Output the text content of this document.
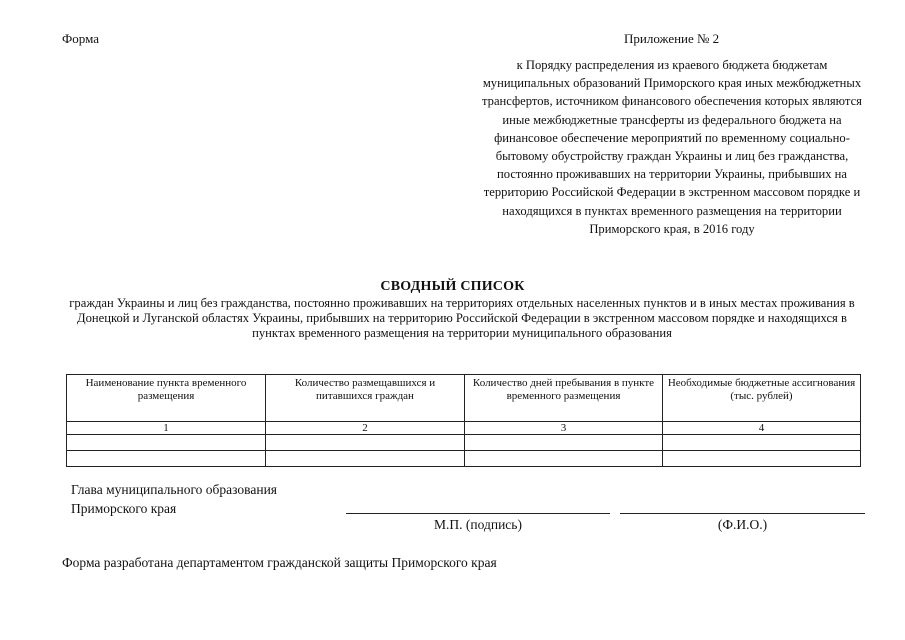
Форма	Приложение № 2
к Порядку распределения из краевого бюджета бюджетам муниципальных образований Приморского края иных межбюджетных трансфертов, источником финансового обеспечения которых являются иные межбюджетные трансферты из федерального бюджета на финансовое обеспечение мероприятий по временному социально-бытовому обустройству граждан Украины и лиц без гражданства, постоянно проживавших на территории Украины, прибывших на территорию Российской Федерации в экстренном массовом порядке и находящихся в пунктах временного размещения на территории Приморского края, в 2016 году
СВОДНЫЙ СПИСОК
граждан Украины и лиц без гражданства, постоянно проживавших на территориях отдельных населенных пунктов и в иных местах проживания в Донецкой и Луганской областях Украины, прибывших на территорию Российской Федерации в экстренном массовом порядке и находящихся в пунктах временного размещения на территории муниципального образования
Наименование пункта временного размещения	Количество размещавшихся и питавшихся граждан	Количество дней пребывания в пункте временного размещения	Необходимые бюджетные ассигнования (тыс. рублей)
1	2	3	4

Глава муниципального образования
Приморского края
М.П. (подпись)	(Ф.И.О.)
Форма разработана департаментом гражданской защиты Приморского края
